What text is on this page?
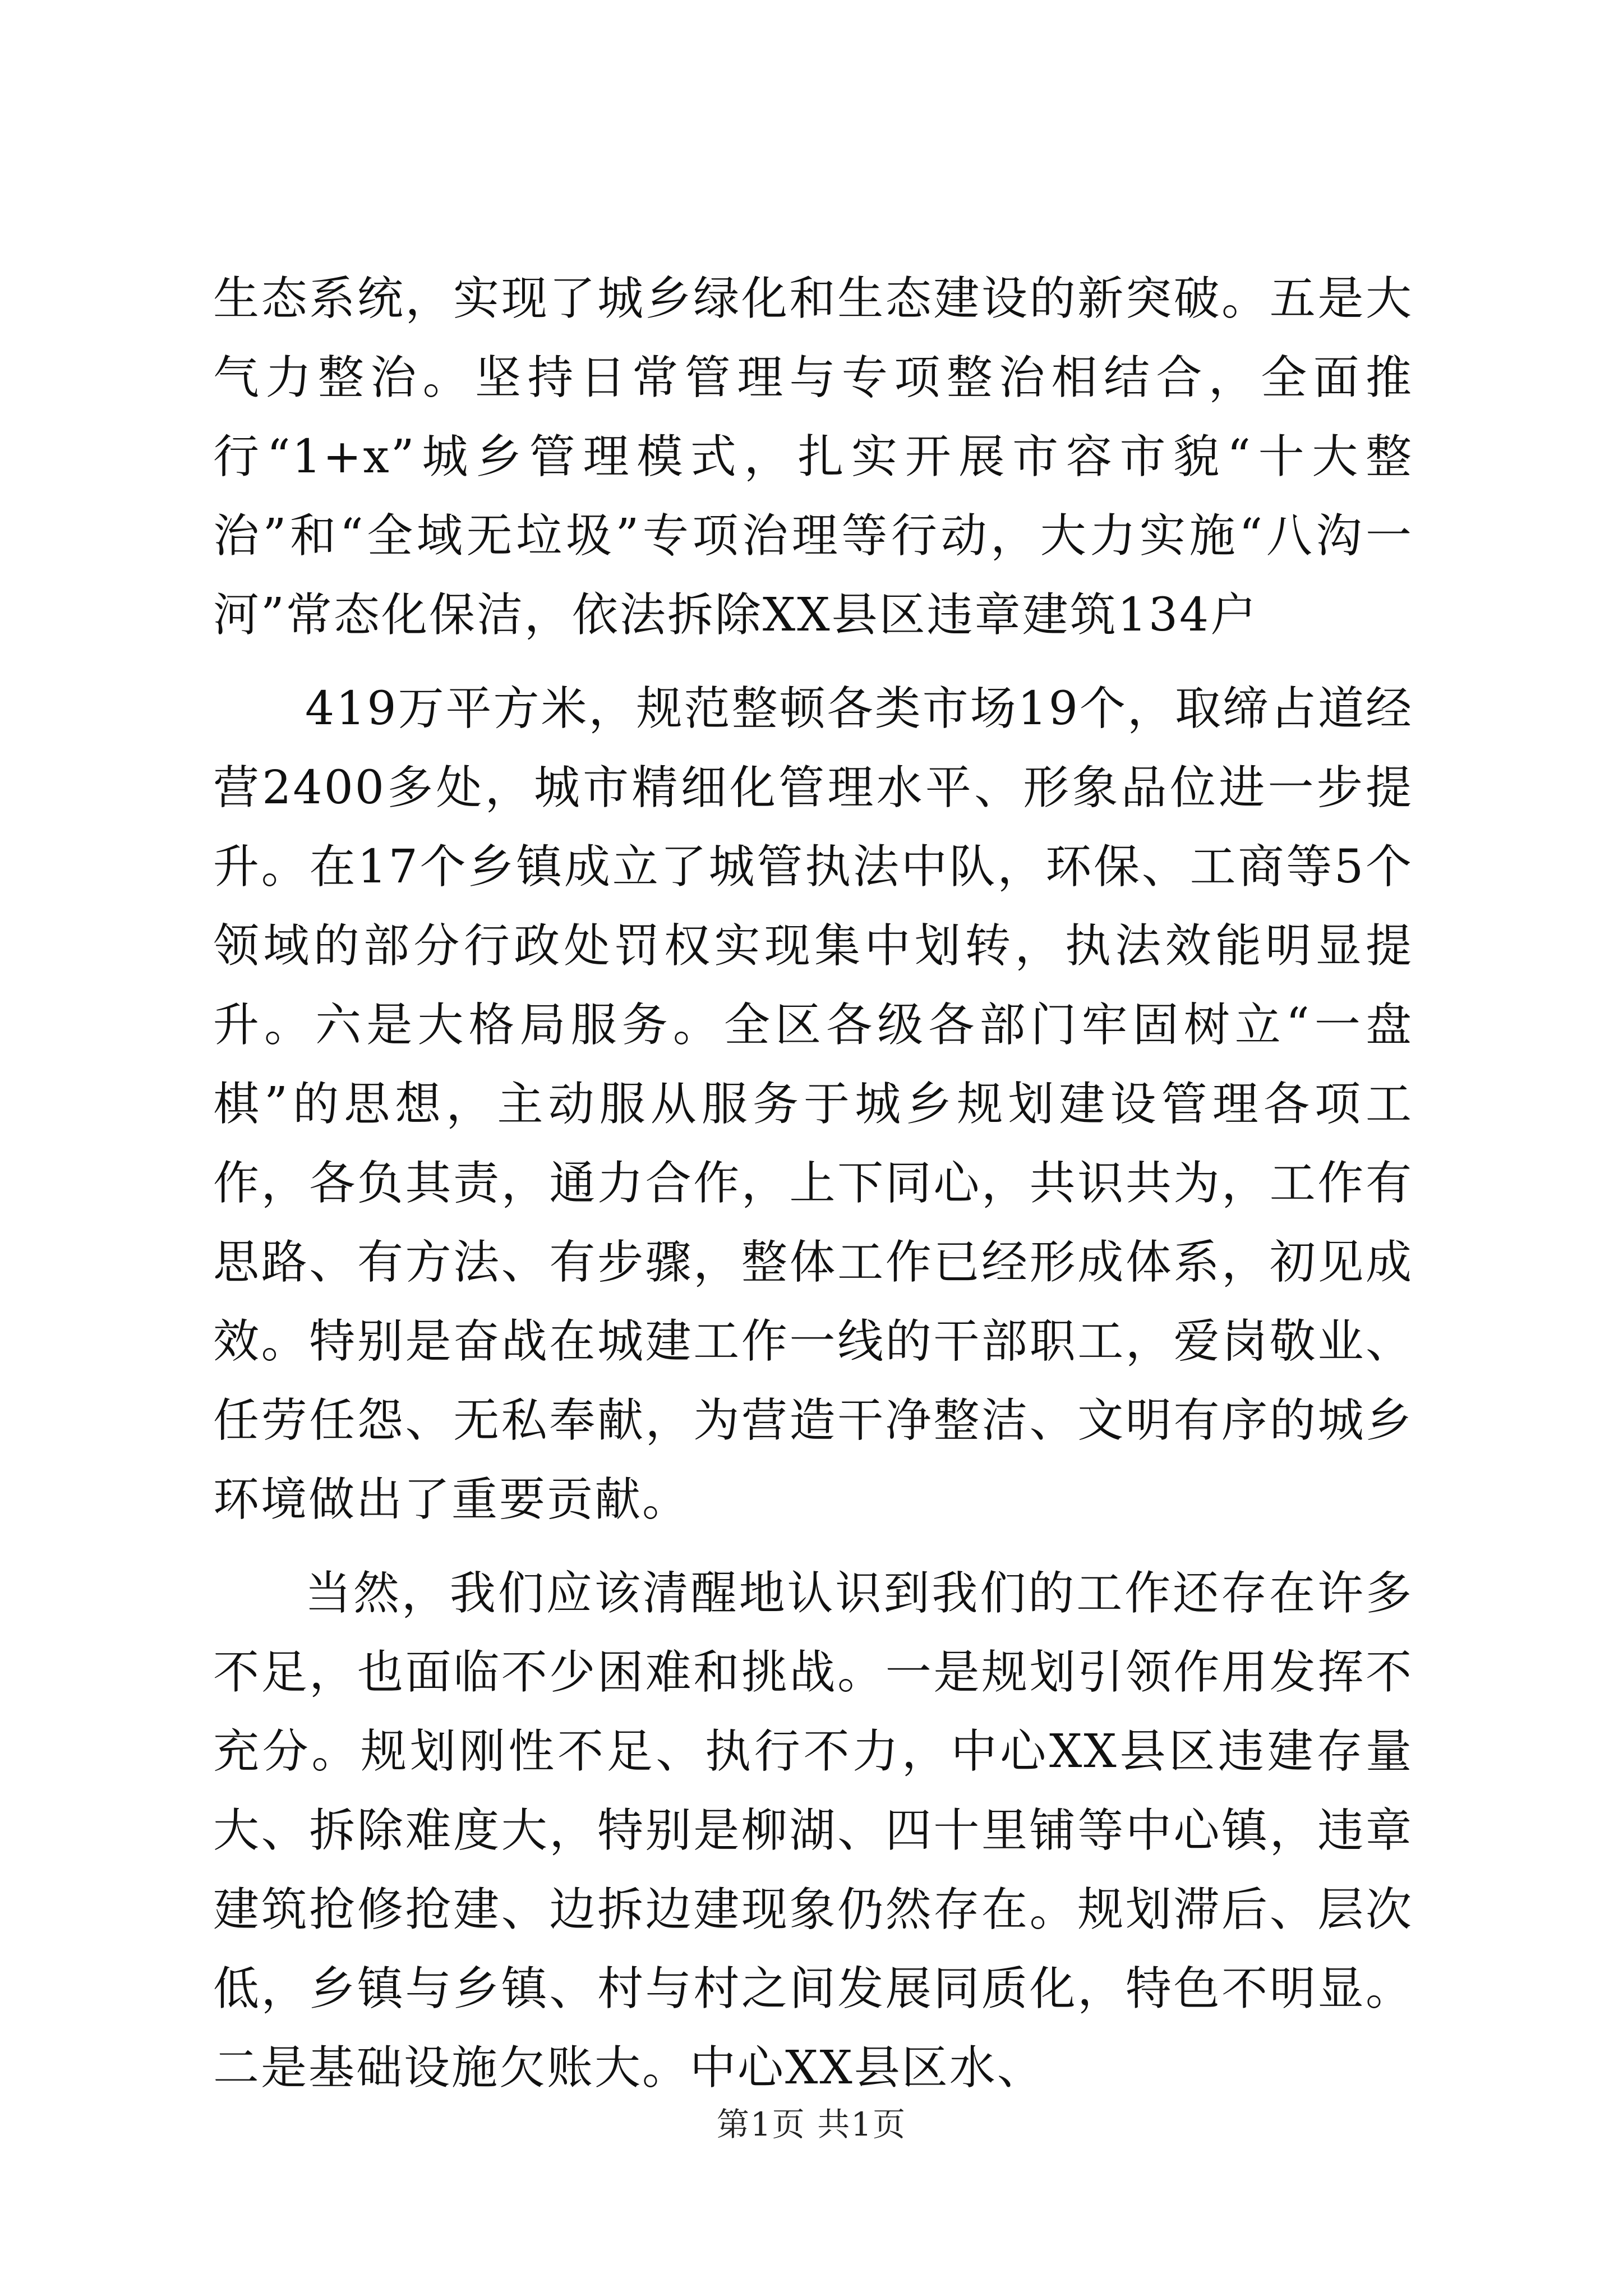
生态系统，实现了城乡绿化和生态建设的新突破。五是大气力整治。坚持日常管理与专项整治相结合，全面推行“1+x”城乡管理模式，扎实开展市容市貌“十大整治”和“全域无垃圾”专项治理等行动，大力实施“八沟一河”常态化保洁，依法拆除XX县区违章建筑134户

419万平方米，规范整顿各类市场19个，取缔占道经营2400多处，城市精细化管理水平、形象品位进一步提升。在17个乡镇成立了城管执法中队，环保、工商等5个领域的部分行政处罚权实现集中划转，执法效能明显提升。六是大格局服务。全区各级各部门牢固树立“一盘棋”的思想，主动服从服务于城乡规划建设管理各项工作，各负其责，通力合作，上下同心，共识共为，工作有思路、有方法、有步骤，整体工作已经形成体系，初见成效。特别是奋战在城建工作一线的干部职工，爱岗敬业、任劳任怨、无私奉献，为营造干净整洁、文明有序的城乡环境做出了重要贡献。

当然，我们应该清醒地认识到我们的工作还存在许多不足，也面临不少困难和挑战。一是规划引领作用发挥不充分。规划刚性不足、执行不力，中心XX县区违建存量大、拆除难度大，特别是柳湖、四十里铺等中心镇，违章建筑抢修抢建、边拆边建现象仍然存在。规划滞后、层次低，乡镇与乡镇、村与村之间发展同质化，特色不明显。二是基础设施欠账大。中心XX县区水、

第1页 共1页
